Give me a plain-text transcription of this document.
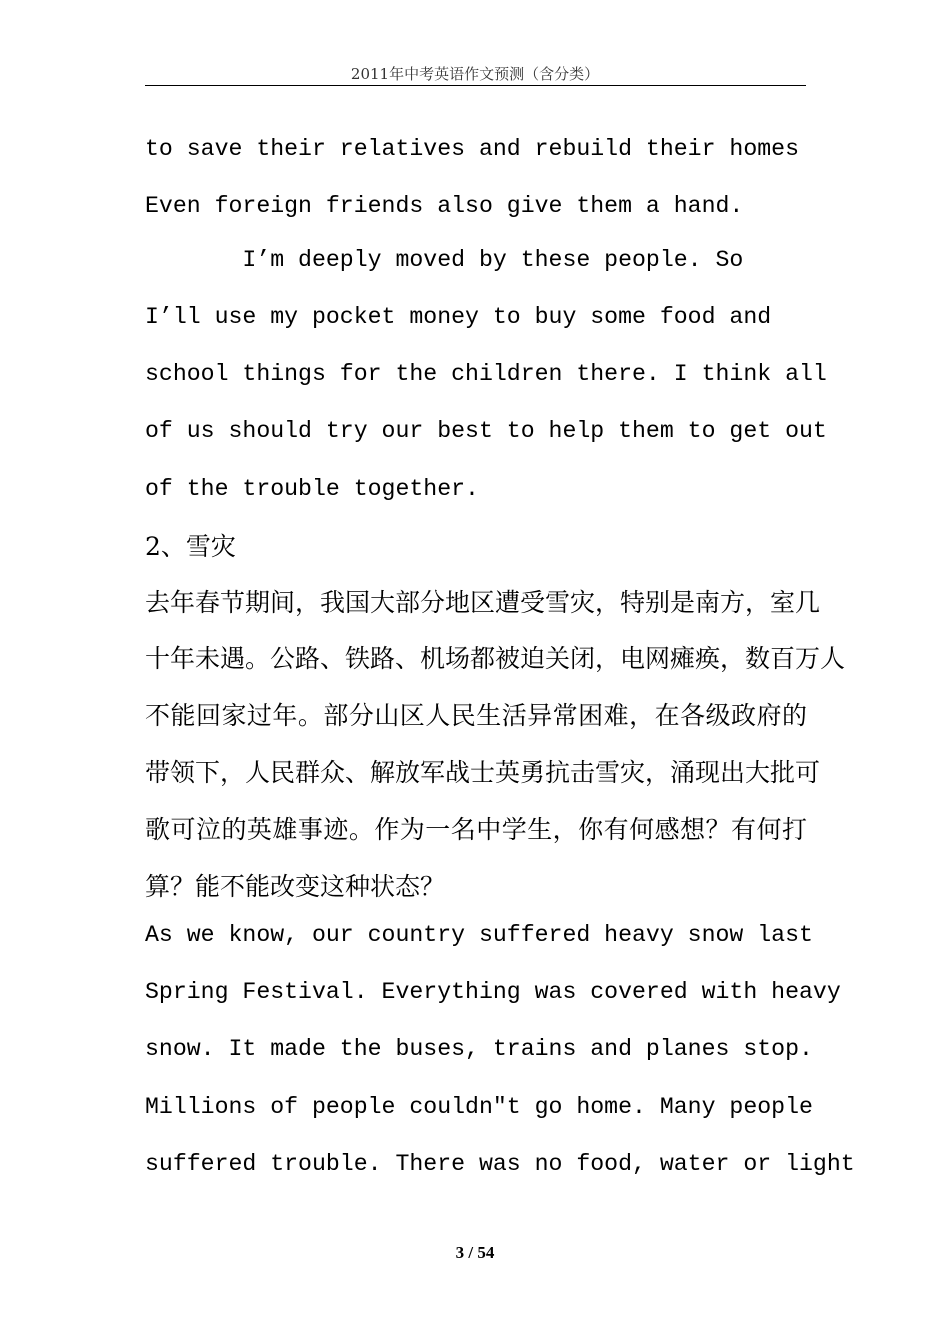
2011年中考英语作文预测（含分类）
to save their relatives and rebuild their homes
Even foreign friends also give them a hand.
I’m deeply moved by these people. So
I’ll use my pocket money to buy some food and
school things for the children there. I think all
of us should try our best to help them to get out
of the trouble together.
2、雪灾
去年春节期间，我国大部分地区遭受雪灾，特别是南方，室几
十年未遇。公路、铁路、机场都被迫关闭，电网瘫痪，数百万人
不能回家过年。部分山区人民生活异常困难，在各级政府的
带领下，人民群众、解放军战士英勇抗击雪灾，涌现出大批可
歌可泣的英雄事迹。作为一名中学生，你有何感想？有何打
算？能不能改变这种状态？
As we know, our country suffered heavy snow last
Spring Festival. Everything was covered with heavy
snow. It made the buses, trains and planes stop.
Millions of people couldn"t go home. Many people
suffered trouble. There was no food, water or light
3 / 54
